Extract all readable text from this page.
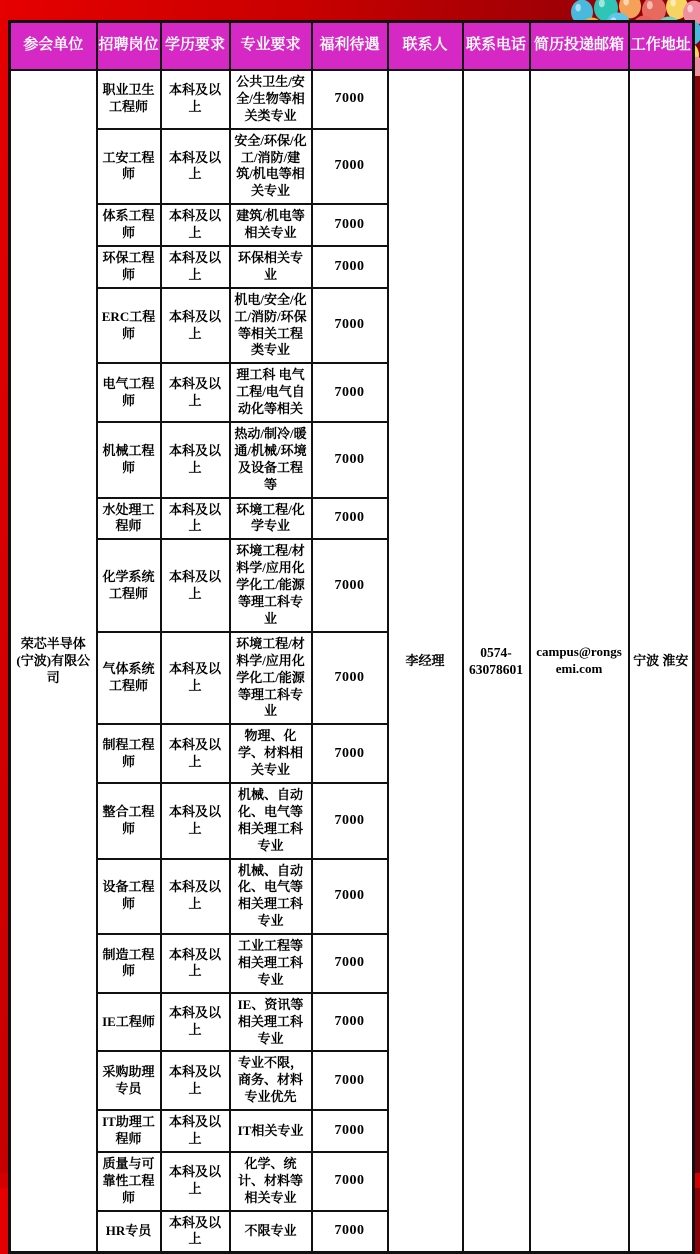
参会单位	招聘岗位	学历要求	专业要求	福利待遇	联系人	联系电话	简历投递邮箱	工作地址
荣芯半导体(宁波)有限公司	职业卫生工程师	本科及以上	公共卫生/安全/生物等相关类专业	7000	李经理	0574-63078601	campus@rongsemi.com	宁波 淮安
	工安工程师	本科及以上	安全/环保/化工/消防/建筑/机电等相关专业	7000				
	体系工程师	本科及以上	建筑/机电等相关专业	7000				
	环保工程师	本科及以上	环保相关专业	7000				
	ERC工程师	本科及以上	机电/安全/化工/消防/环保等相关工程类专业	7000				
	电气工程师	本科及以上	理工科 电气工程/电气自动化等相关	7000				
	机械工程师	本科及以上	热动/制冷/暖通/机械/环境及设备工程等	7000				
	水处理工程师	本科及以上	环境工程/化学专业	7000				
	化学系统工程师	本科及以上	环境工程/材料学/应用化学化工/能源等理工科专业	7000				
	气体系统工程师	本科及以上	环境工程/材料学/应用化学化工/能源等理工科专业	7000				
	制程工程师	本科及以上	物理、化学、材料相关专业	7000				
	整合工程师	本科及以上	机械、自动化、电气等相关理工科专业	7000				
	设备工程师	本科及以上	机械、自动化、电气等相关理工科专业	7000				
	制造工程师	本科及以上	工业工程等相关理工科专业	7000				
	IE工程师	本科及以上	IE、资讯等相关理工科专业	7000				
	采购助理专员	本科及以上	专业不限，商务、材料专业优先	7000				
	IT助理工程师	本科及以上	IT相关专业	7000				
	质量与可靠性工程师	本科及以上	化学、统计、材料等相关专业	7000				
	HR专员	本科及以上	不限专业	7000				
